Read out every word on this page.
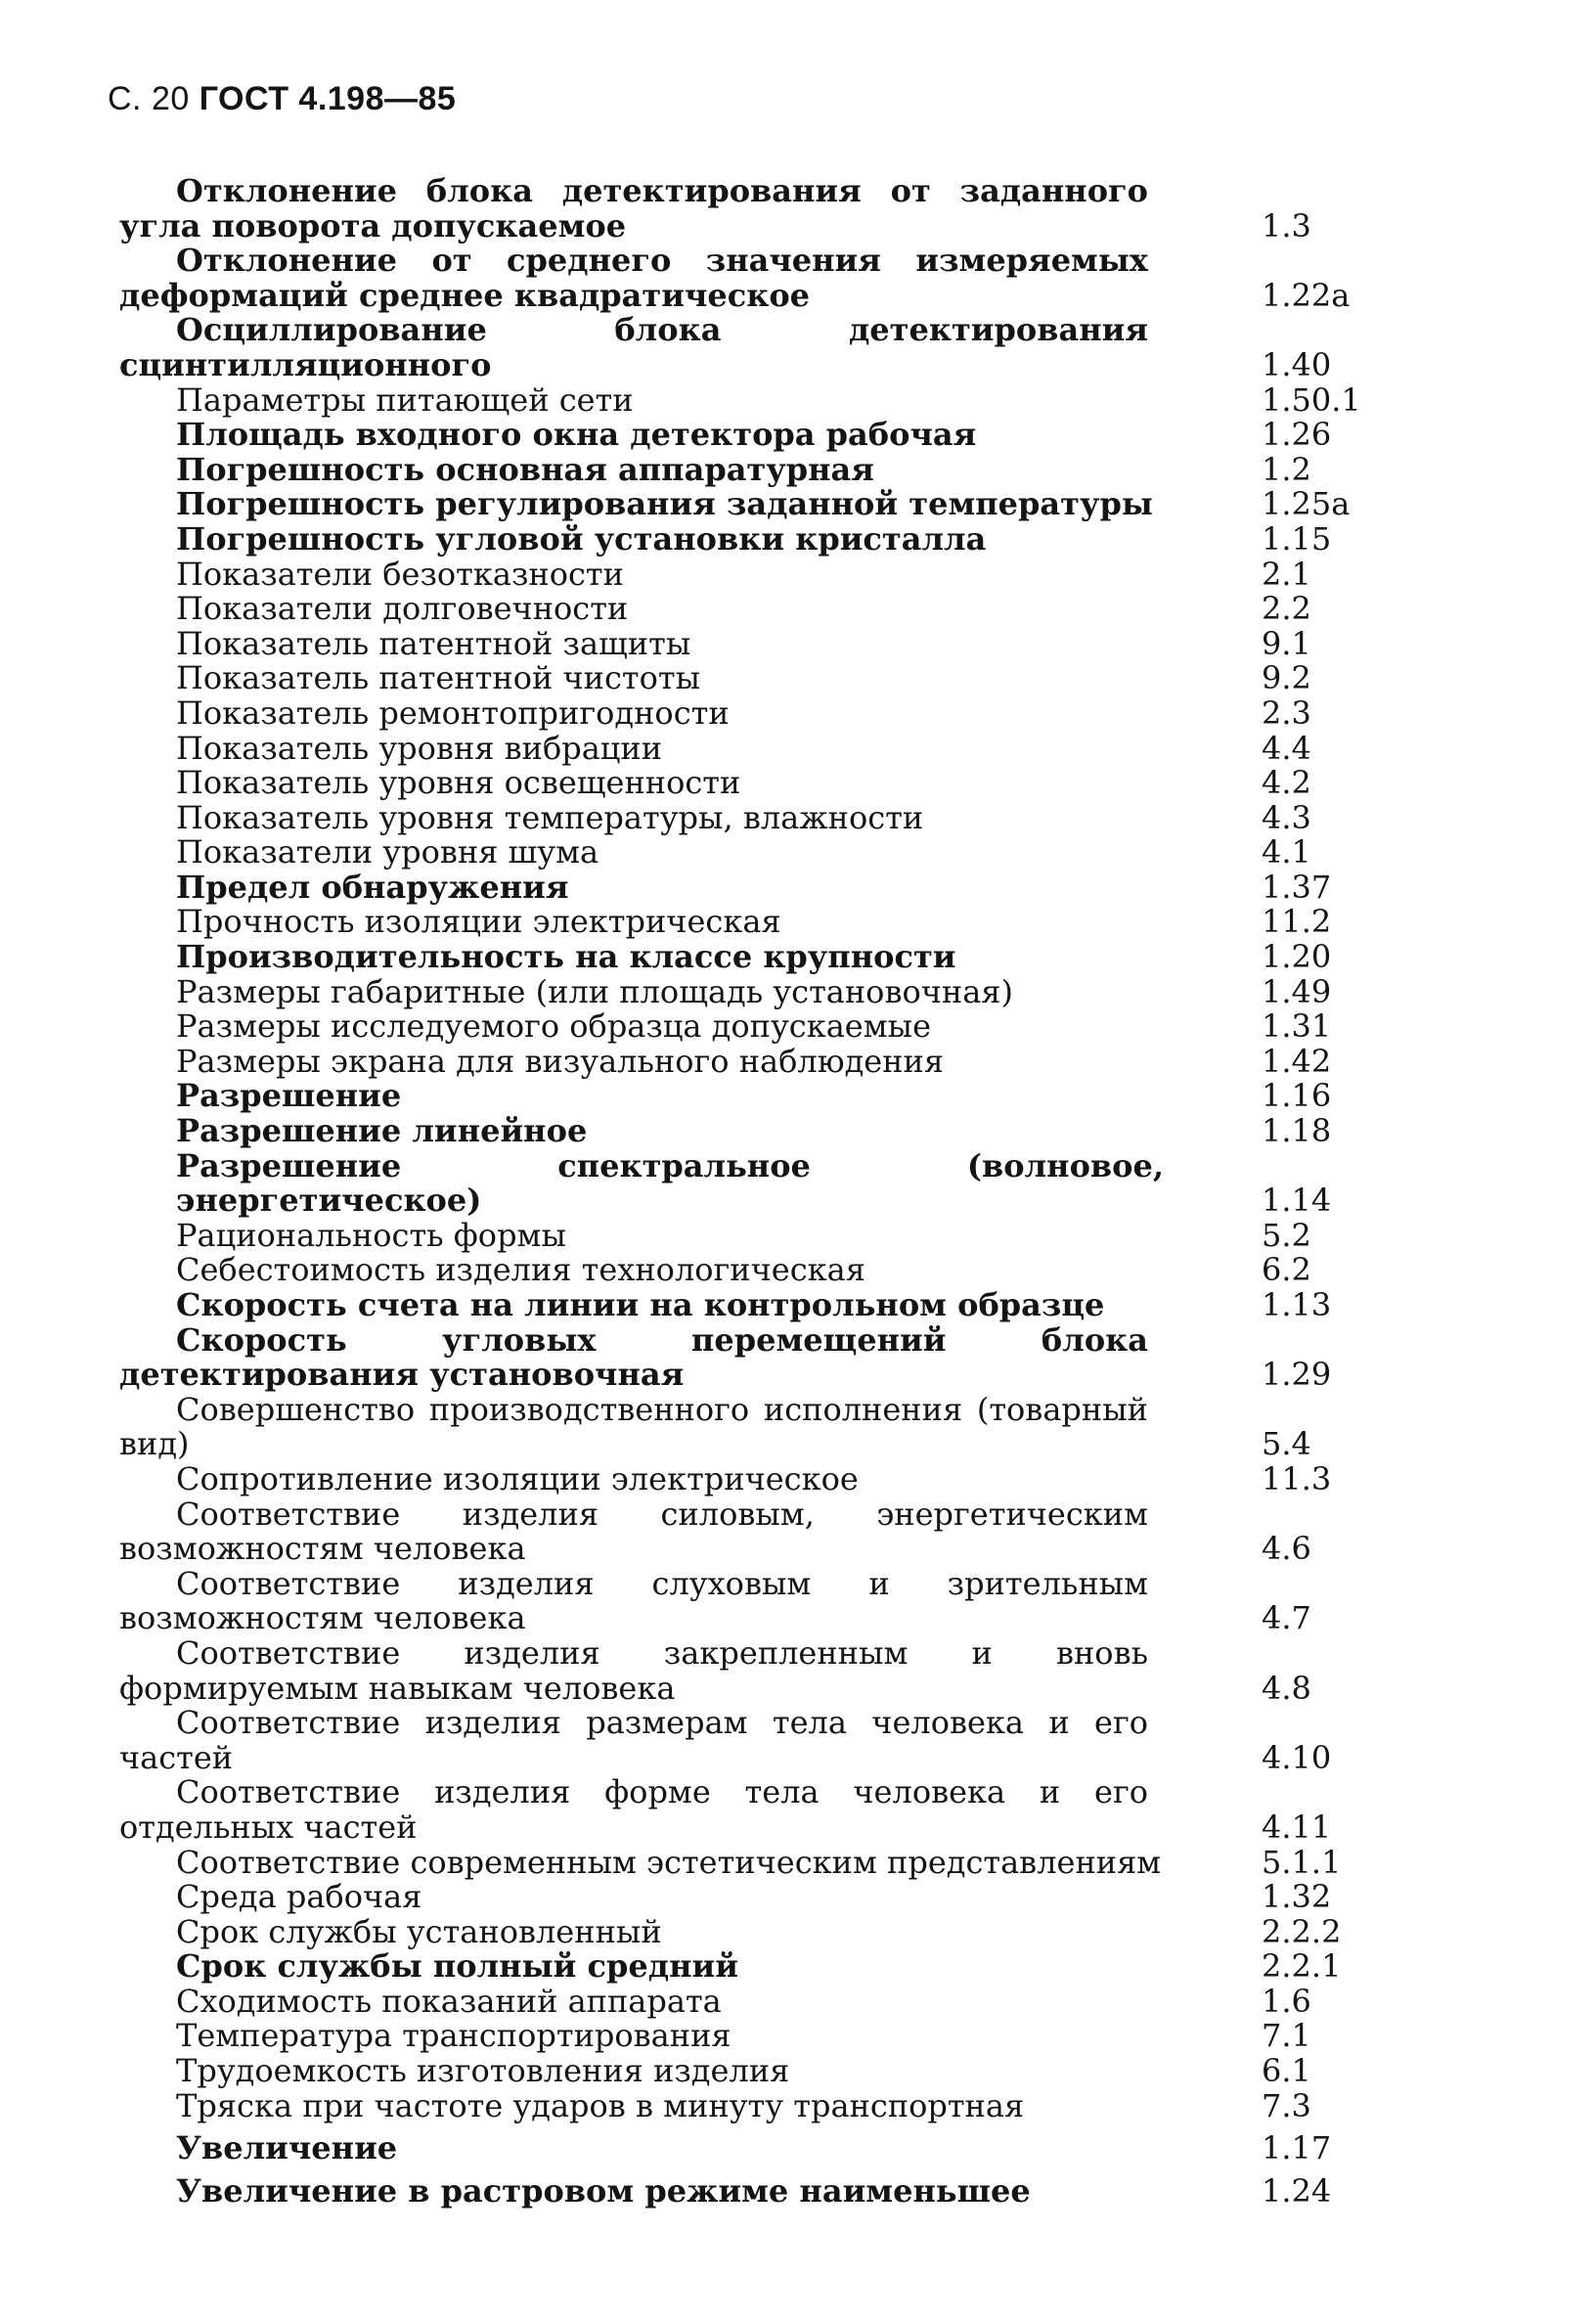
С. 20 ГОСТ 4.198—85
Отклонение блока детектирования от заданного угла поворота допускаемое	1.3
Отклонение от среднего значения измеряемых деформаций среднее квадратическое	1.22а
Осциллирование блока детектирования сцинтилляционного	1.40
Параметры питающей сети	1.50.1
Площадь входного окна детектора рабочая	1.26
Погрешность основная аппаратурная	1.2
Погрешность регулирования заданной температуры	1.25а
Погрешность угловой установки кристалла	1.15
Показатели безотказности	2.1
Показатели долговечности	2.2
Показатель патентной защиты	9.1
Показатель патентной чистоты	9.2
Показатель ремонтопригодности	2.3
Показатель уровня вибрации	4.4
Показатель уровня освещенности	4.2
Показатель уровня температуры, влажности	4.3
Показатели уровня шума	4.1
Предел обнаружения	1.37
Прочность изоляции электрическая	11.2
Производительность на классе крупности	1.20
Размеры габаритные (или площадь установочная)	1.49
Размеры исследуемого образца допускаемые	1.31
Размеры экрана для визуального наблюдения	1.42
Разрешение	1.16
Разрешение линейное	1.18
Разрешение спектральное (волновое, энергетическое)	1.14
Рациональность формы	5.2
Себестоимость изделия технологическая	6.2
Скорость счета на линии на контрольном образце	1.13
Скорость угловых перемещений блока детектирования установочная	1.29
Совершенство производственного исполнения (товарный вид)	5.4
Сопротивление изоляции электрическое	11.3
Соответствие изделия силовым, энергетическим возможностям человека	4.6
Соответствие изделия слуховым и зрительным возможностям человека	4.7
Соответствие изделия закрепленным и вновь формируемым навыкам человека	4.8
Соответствие изделия размерам тела человека и его частей	4.10
Соответствие изделия форме тела человека и его отдельных частей	4.11
Соответствие современным эстетическим представлениям	5.1.1
Среда рабочая	1.32
Срок службы установленный	2.2.2
Срок службы полный средний	2.2.1
Сходимость показаний аппарата	1.6
Температура транспортирования	7.1
Трудоемкость изготовления изделия	6.1
Тряска при частоте ударов в минуту транспортная	7.3
Увеличение	1.17
Увеличение в растровом режиме наименьшее	1.24
